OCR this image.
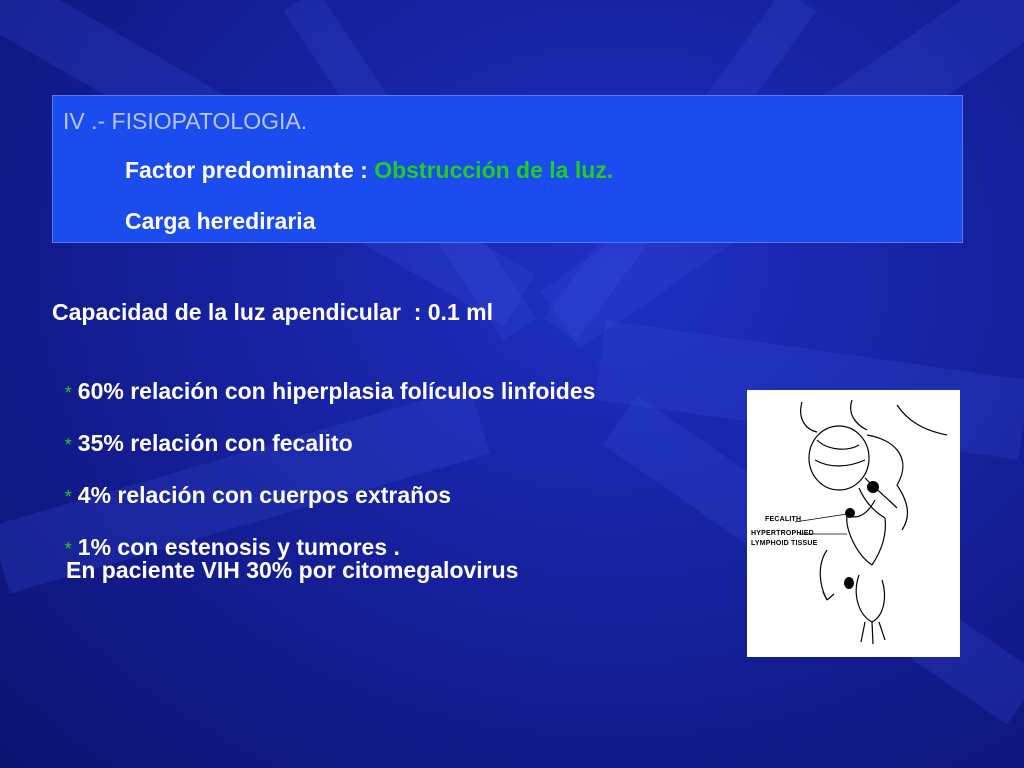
IV .- FISIOPATOLOGIA.
Factor predominante : Obstrucción de la luz.
Carga herediraria
Capacidad de la luz apendicular  : 0.1 ml

* 60% relación con hiperplasia folículos linfoides

* 35% relación con fecalito

* 4% relación con cuerpos extraños

* 1% con estenosis y tumores .

En paciente VIH 30% por citomegalovirus
FECALITH
HYPERTROPHIED
LYMPHOID TISSUE
